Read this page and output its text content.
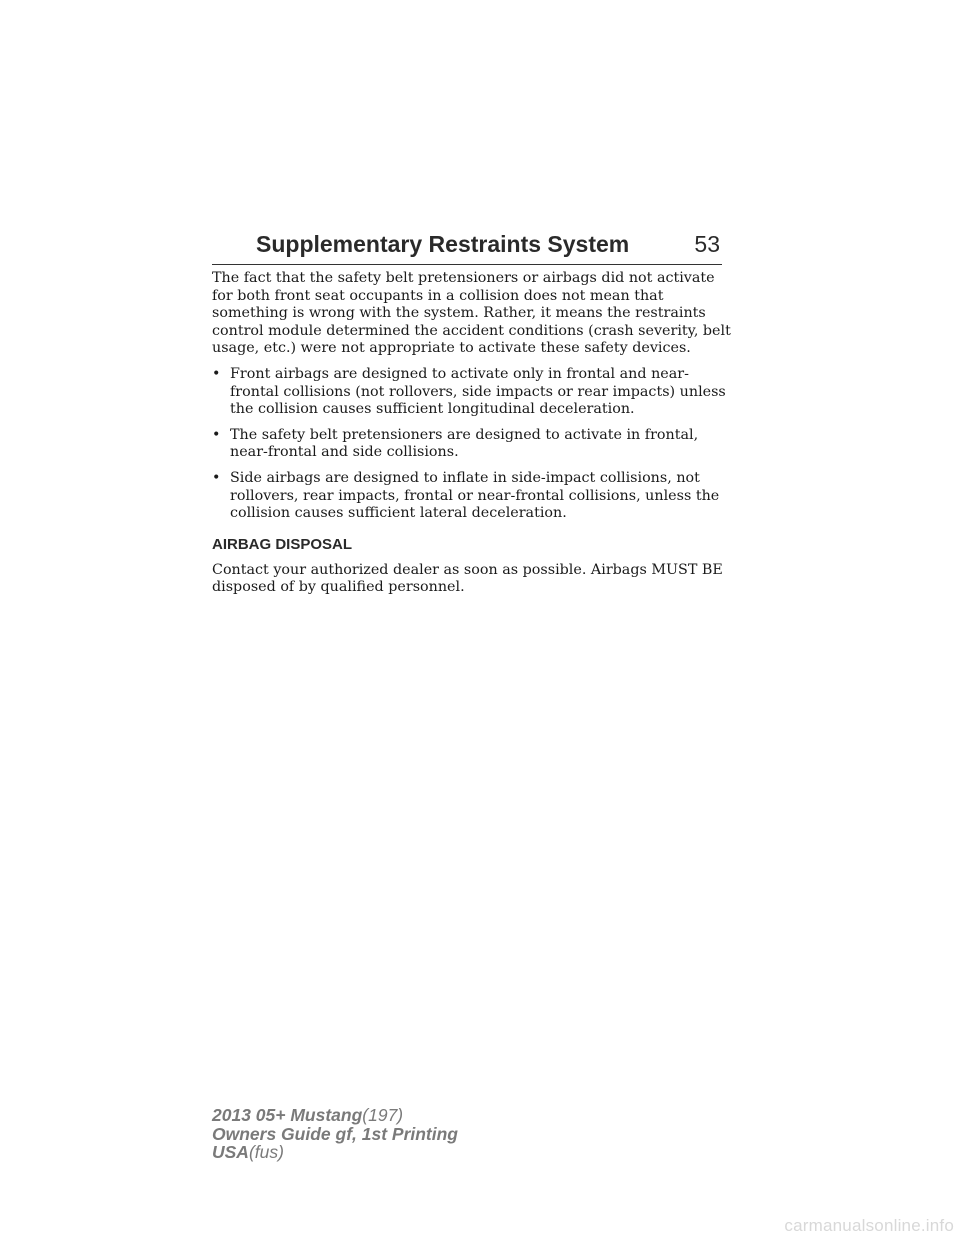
Supplementary Restraints System	53

The fact that the safety belt pretensioners or airbags did not activate for both front seat occupants in a collision does not mean that something is wrong with the system. Rather, it means the restraints control module determined the accident conditions (crash severity, belt usage, etc.) were not appropriate to activate these safety devices.

• Front airbags are designed to activate only in frontal and near-frontal collisions (not rollovers, side impacts or rear impacts) unless the collision causes sufficient longitudinal deceleration.
• The safety belt pretensioners are designed to activate in frontal, near-frontal and side collisions.
• Side airbags are designed to inflate in side-impact collisions, not rollovers, rear impacts, frontal or near-frontal collisions, unless the collision causes sufficient lateral deceleration.
AIRBAG DISPOSAL

Contact your authorized dealer as soon as possible. Airbags MUST BE disposed of by qualified personnel.

2013 05+ Mustang(197)
Owners Guide gf, 1st Printing
USA(fus)
carmanualsonline.info
